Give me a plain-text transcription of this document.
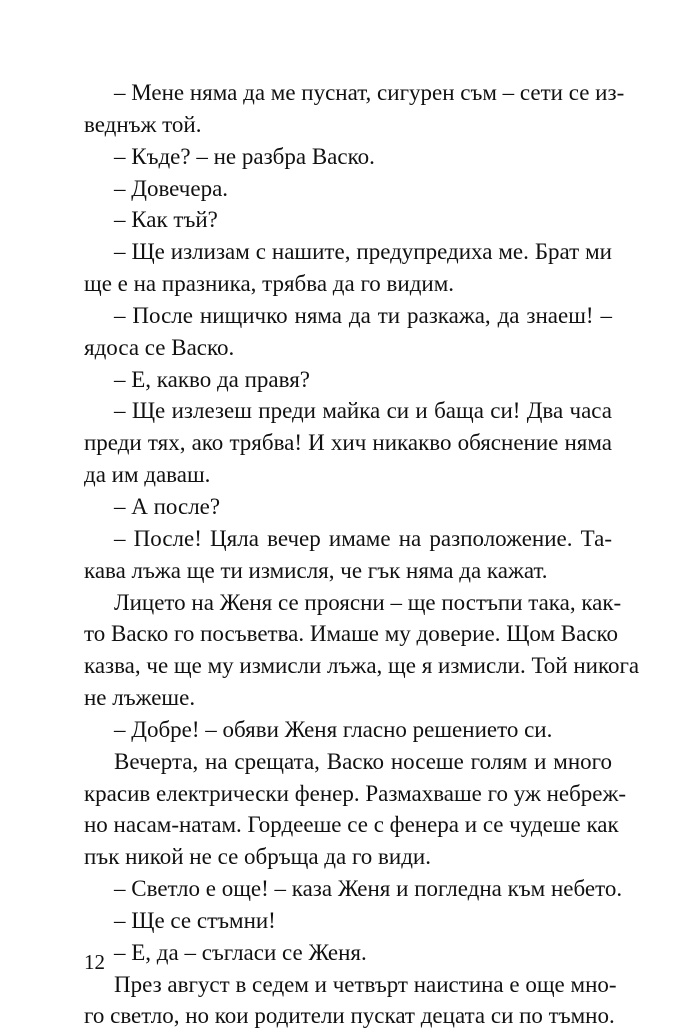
– Мене няма да ме пуснат, сигурен съм – сети се из-
веднъж той.
– Къде? – не разбра Васко.
– Довечера.
– Как тъй?
– Ще излизам с нашите, предупредиха ме. Брат ми
ще е на празника, трябва да го видим.
– После нищичко няма да ти разкажа, да знаеш! –
ядоса се Васко.
– Е, какво да правя?
– Ще излезеш преди майка си и баща си! Два часа
преди тях, ако трябва! И хич никакво обяснение няма
да им даваш.
– А после?
– После! Цяла вечер имаме на разположение. Та-
кава лъжа ще ти измисля, че гък няма да кажат.
Лицето на Женя се проясни – ще постъпи така, как-
то Васко го посъветва. Имаше му доверие. Щом Васко
казва, че ще му измисли лъжа, ще я измисли. Той никога
не лъжеше.
– Добре! – обяви Женя гласно решението си.
Вечерта, на срещата, Васко носеше голям и много
красив електрически фенер. Размахваше го уж небреж-
но насам-натам. Гордееше се с фенера и се чудеше как
пък никой не се обръща да го види.
– Светло е още! – каза Женя и погледна към небето.
– Ще се стъмни!
– Е, да – съгласи се Женя.
През август в седем и четвърт наистина е още мно-
го светло, но кои родители пускат децата си по тъмно.
12
